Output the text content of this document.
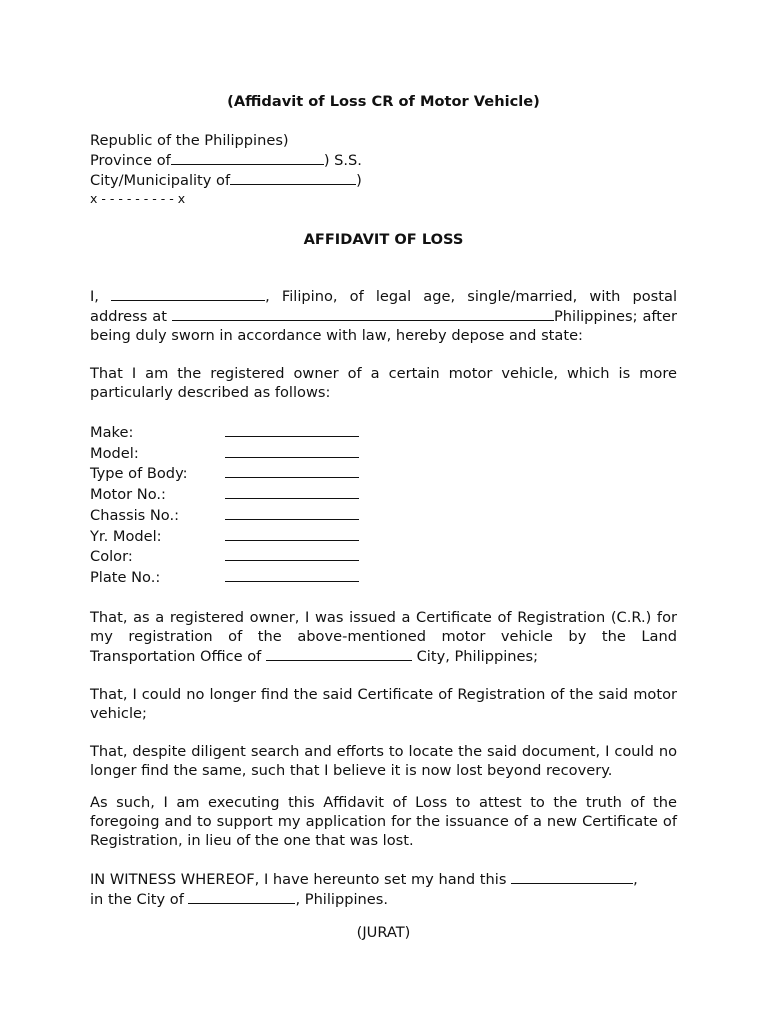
(Affidavit of Loss CR of Motor Vehicle)
Republic of the Philippines)
Province of	) S.S.
City/Municipality of	)
x - - - - - - - - - x
AFFIDAVIT OF LOSS

I,	, Filipino, of legal age, single/married, with postal address at	Philippines; after being duly sworn in accordance with law, hereby depose and state:

That I am the registered owner of a certain motor vehicle, which is more particularly described as follows:

Make:
Model:
Type of Body:
Motor No.:
Chassis No.:
Yr. Model:
Color:
Plate No.:

That, as a registered owner, I was issued a Certificate of Registration (C.R.) for my registration of the above-mentioned motor vehicle by the Land Transportation Office of	City, Philippines;

That, I could no longer find the said Certificate of Registration of the said motor vehicle;

That, despite diligent search and efforts to locate the said document, I could no longer find the same, such that I believe it is now lost beyond recovery.

As such, I am executing this Affidavit of Loss to attest to the truth of the foregoing and to support my application for the issuance of a new Certificate of Registration, in lieu of the one that was lost.

IN WITNESS WHEREOF, I have hereunto set my hand this	,
in the City of	, Philippines.

(JURAT)
